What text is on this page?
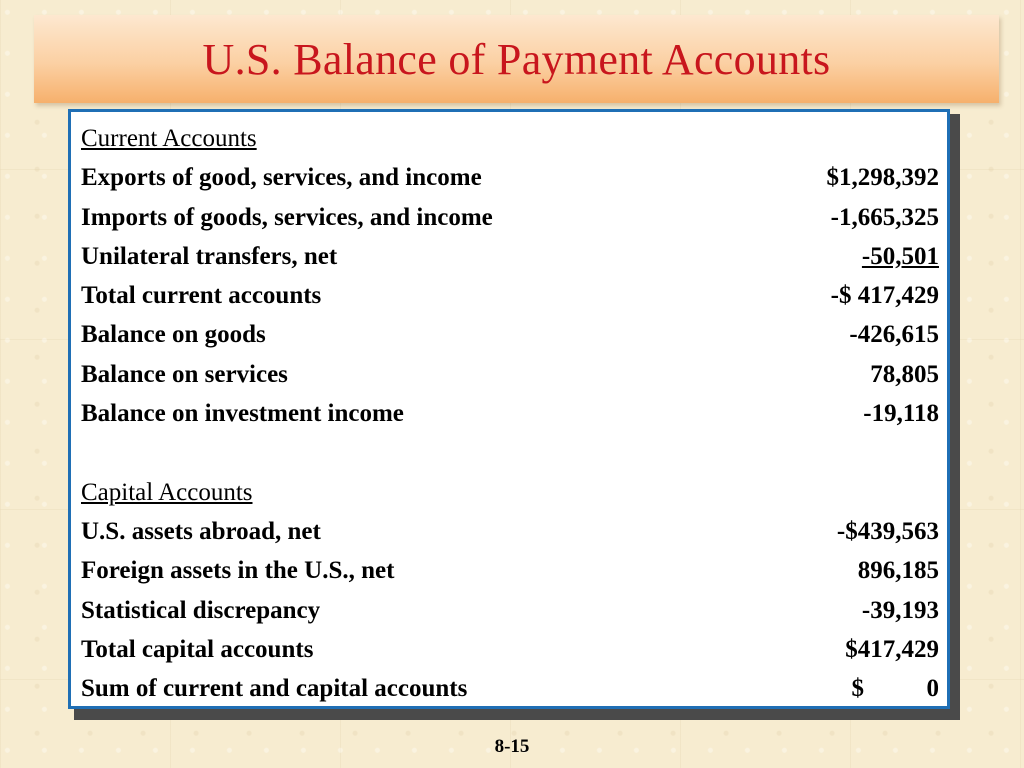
U.S. Balance of Payment Accounts
Current Accounts
Exports of good, services, and income	$1,298,392
Imports of goods, services, and income	-1,665,325
Unilateral transfers, net	-50,501
Total current accounts	-$ 417,429
Balance on goods	-426,615
Balance on services	78,805
Balance on investment income	-19,118
Capital Accounts
U.S. assets abroad, net	-$439,563
Foreign assets in the U.S., net	896,185
Statistical discrepancy	-39,193
Total capital accounts	$417,429
Sum of current and capital accounts	$          0
8-15
